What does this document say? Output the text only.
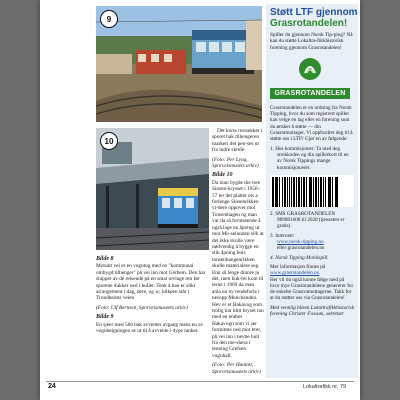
9
10
Bilde 8

Motsatt vei er en vogntog med en "kommunal ombygd tilhenger" på vei inn mot Gerbem. Den har slupper av de reisende på en smal revlage ren før sporene dukker ned i hullet. Tenk å han er slikt arrangement i dag, dere, og w; bilkeen står i Trondheims veien

(Foto: Ulf Bernsen, Sporveismuseets arkiv)

Bilde 9

En sjeer med 566 bak avventer avgang mens en av vognbeigningen se ut til å avvente i dype tanker.

Det korte restsekket i sporet bak tilhengeren markert det pen-ses ut fra indre skrefe.

(Foto: Per Lyng, Sporveismusets arkiv)

Bilde 10

Da man bygde the tree Sinsen-krysset i 1956–57 ter det plattet ots a forlenge Sinsenrikken vi-dere oppover mot Tonsenhagen og man var da så forutseende å også lage en åpning ut mot Mo-selunden slik at det ikke skulle være nødvendig å bygge en slik åpning bnis tonsenbangenrikken skulle materialere seg. Enn så lenge dinnre ju det, men huk-ret kom til terne i 1969 da man anla en ny rendeforle i nesopp Munchenden. Hev er et Hakavog som trolig har blitt bryset inn med en endret Hakavogn som vi ser formitme ned mot bret, på vei inn i nevne hull fra den me-shera i tenning Grefsen vognhall.

(Foto: Per Haatott, Sporveismuseets arkiv)

Støtt LTF gjennom
Grasrotandelen!
Spiller du gjennom Norsk Tip-ping? Nå kan du støtte Lokaltra-fikkhistorisk forening gjennom Grasrotandelen!
GRASROTANDELEN
Grasrotandelen er en ordning fra Norsk Tipping, hvor du som registrert spiller kan velge en lag eller en forening som du ønsker å støtte — din Grasrotmottager. Vi oppfordrer deg til å støtte oss i LTF! Gjør en av følgende:
1. Hos kommisjonær: Ta med deg strekkoden og din spillerkort til en av Norsk Tippings mange kommisjonærer.
2. SMS GRASROTANDELEN 989081608 til 2020 (tjenesten er gratis).
3. Internett:
www.norsk-tipping.no
eller grasrotandelen.no
4. Norsk Tipping Mobilspill.
Mer informasjon finnes på
www.grasrotandelen.no
Her vil du også kunne følge med på hvor mye Grasrotandelene genererer for de enkelte Grasrotmottagerne. Takk for at du støtter oss via Grasrotandelen!
Med vennlig hilsen Lokaltrafikkhistorisk forening Christer Fossum, sekretær
24	Lokaltrafikk nr. 79
